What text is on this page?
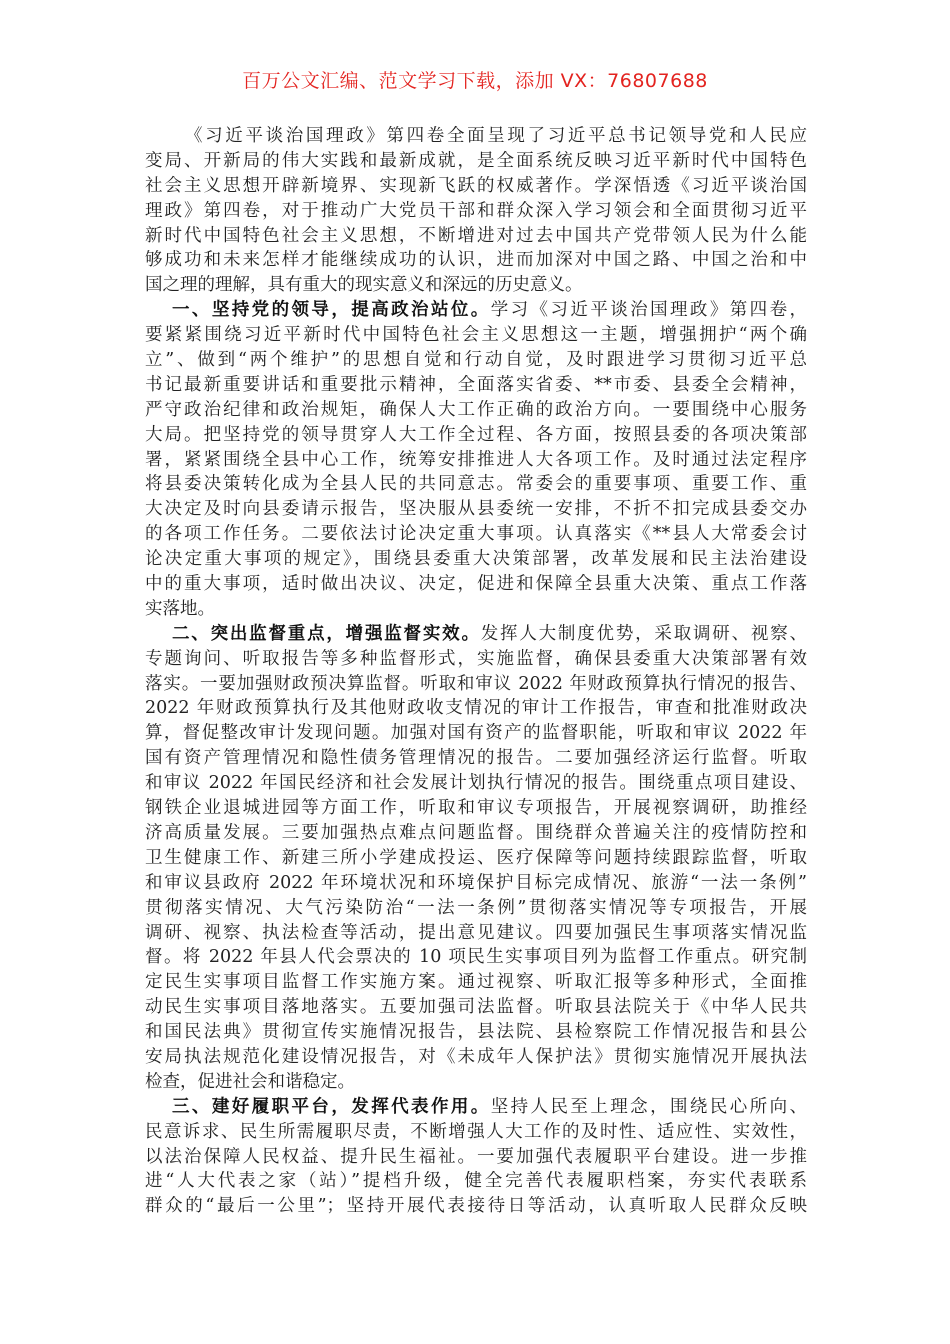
百万公文汇编、范文学习下载，添加 VX：76807688
《习近平谈治国理政》第四卷全面呈现了习近平总书记领导党和人民应
变局、开新局的伟大实践和最新成就，是全面系统反映习近平新时代中国特色
社会主义思想开辟新境界、实现新飞跃的权威著作。学深悟透《习近平谈治国
理政》第四卷，对于推动广大党员干部和群众深入学习领会和全面贯彻习近平
新时代中国特色社会主义思想，不断增进对过去中国共产党带领人民为什么能
够成功和未来怎样才能继续成功的认识，进而加深对中国之路、中国之治和中
国之理的理解，具有重大的现实意义和深远的历史意义。
一、坚持党的领导，提高政治站位。学习《习近平谈治国理政》第四卷，
要紧紧围绕习近平新时代中国特色社会主义思想这一主题，增强拥护“两个确
立”、做到“两个维护”的思想自觉和行动自觉，及时跟进学习贯彻习近平总
书记最新重要讲话和重要批示精神，全面落实省委、**市委、县委全会精神，
严守政治纪律和政治规矩，确保人大工作正确的政治方向。一要围绕中心服务
大局。把坚持党的领导贯穿人大工作全过程、各方面，按照县委的各项决策部
署，紧紧围绕全县中心工作，统筹安排推进人大各项工作。及时通过法定程序
将县委决策转化成为全县人民的共同意志。常委会的重要事项、重要工作、重
大决定及时向县委请示报告，坚决服从县委统一安排，不折不扣完成县委交办
的各项工作任务。二要依法讨论决定重大事项。认真落实《**县人大常委会讨
论决定重大事项的规定》，围绕县委重大决策部署，改革发展和民主法治建设
中的重大事项，适时做出决议、决定，促进和保障全县重大决策、重点工作落
实落地。
二、突出监督重点，增强监督实效。发挥人大制度优势，采取调研、视察、
专题询问、听取报告等多种监督形式，实施监督，确保县委重大决策部署有效
落实。一要加强财政预决算监督。听取和审议 2022 年财政预算执行情况的报告、
2022 年财政预算执行及其他财政收支情况的审计工作报告，审查和批准财政决
算，督促整改审计发现问题。加强对国有资产的监督职能，听取和审议 2022 年
国有资产管理情况和隐性债务管理情况的报告。二要加强经济运行监督。听取
和审议 2022 年国民经济和社会发展计划执行情况的报告。围绕重点项目建设、
钢铁企业退城进园等方面工作，听取和审议专项报告，开展视察调研，助推经
济高质量发展。三要加强热点难点问题监督。围绕群众普遍关注的疫情防控和
卫生健康工作、新建三所小学建成投运、医疗保障等问题持续跟踪监督，听取
和审议县政府 2022 年环境状况和环境保护目标完成情况、旅游“一法一条例”
贯彻落实情况、大气污染防治“一法一条例”贯彻落实情况等专项报告，开展
调研、视察、执法检查等活动，提出意见建议。四要加强民生事项落实情况监
督。将 2022 年县人代会票决的 10 项民生实事项目列为监督工作重点。研究制
定民生实事项目监督工作实施方案。通过视察、听取汇报等多种形式，全面推
动民生实事项目落地落实。五要加强司法监督。听取县法院关于《中华人民共
和国民法典》贯彻宣传实施情况报告，县法院、县检察院工作情况报告和县公
安局执法规范化建设情况报告，对《未成年人保护法》贯彻实施情况开展执法
检查，促进社会和谐稳定。
三、建好履职平台，发挥代表作用。坚持人民至上理念，围绕民心所向、
民意诉求、民生所需履职尽责，不断增强人大工作的及时性、适应性、实效性，
以法治保障人民权益、提升民生福祉。一要加强代表履职平台建设。进一步推
进“人大代表之家（站）”提档升级，健全完善代表履职档案，夯实代表联系
群众的“最后一公里”；坚持开展代表接待日等活动，认真听取人民群众反映
